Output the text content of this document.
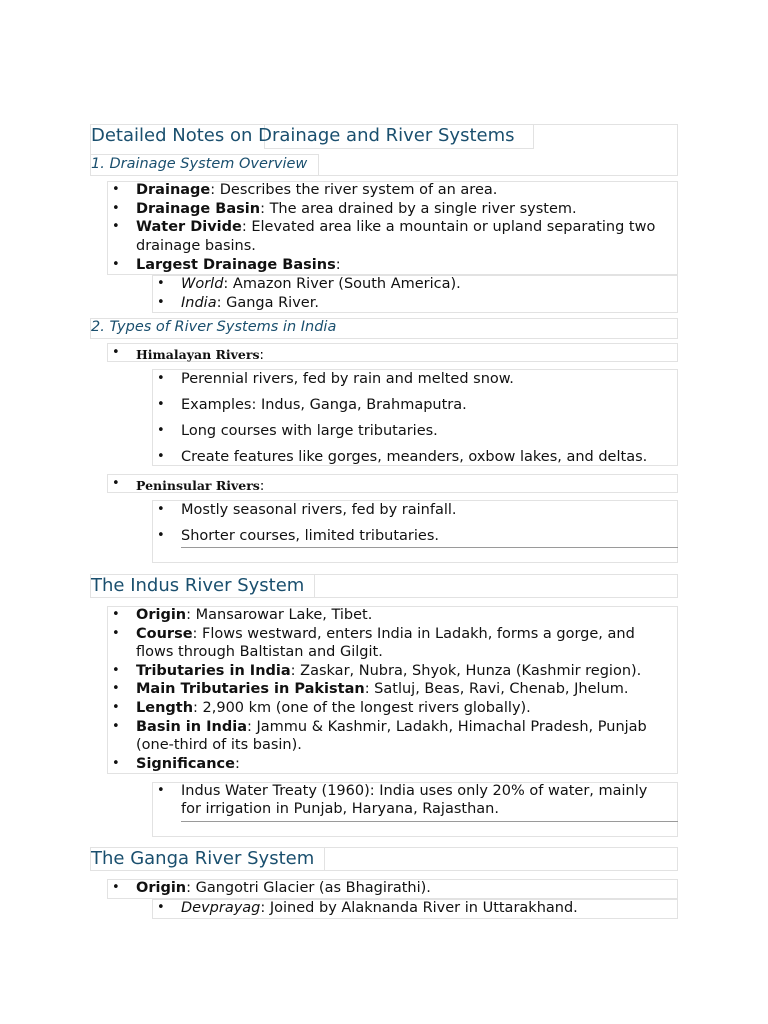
Detailed Notes on Drainage and River Systems
1. Drainage System Overview
• Drainage: Describes the river system of an area.
• Drainage Basin: The area drained by a single river system.
• Water Divide: Elevated area like a mountain or upland separating two
drainage basins.
• Largest Drainage Basins:
• World: Amazon River (South America).
• India: Ganga River.
2. Types of River Systems in India
• Himalayan Rivers:
• Perennial rivers, fed by rain and melted snow.
• Examples: Indus, Ganga, Brahmaputra.
• Long courses with large tributaries.
• Create features like gorges, meanders, oxbow lakes, and deltas.
• Peninsular Rivers:
• Mostly seasonal rivers, fed by rainfall.
• Shorter courses, limited tributaries.
The Indus River System
• Origin: Mansarowar Lake, Tibet.
• Course: Flows westward, enters India in Ladakh, forms a gorge, and
flows through Baltistan and Gilgit.
• Tributaries in India: Zaskar, Nubra, Shyok, Hunza (Kashmir region).
• Main Tributaries in Pakistan: Satluj, Beas, Ravi, Chenab, Jhelum.
• Length: 2,900 km (one of the longest rivers globally).
• Basin in India: Jammu & Kashmir, Ladakh, Himachal Pradesh, Punjab
(one-third of its basin).
• Significance:
• Indus Water Treaty (1960): India uses only 20% of water, mainly
for irrigation in Punjab, Haryana, Rajasthan.
The Ganga River System
• Origin: Gangotri Glacier (as Bhagirathi).
• Devprayag: Joined by Alaknanda River in Uttarakhand.
